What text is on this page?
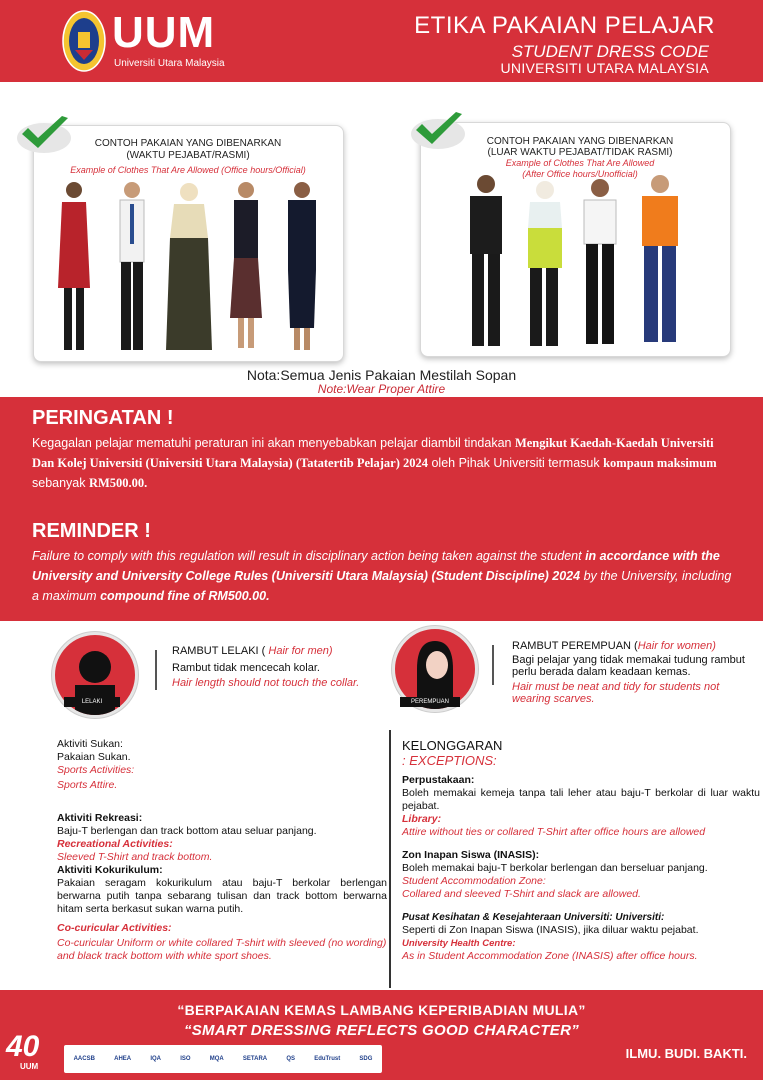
UUM
Universiti Utara Malaysia
ETIKA PAKAIAN PELAJAR
STUDENT DRESS CODE
UNIVERSITI UTARA MALAYSIA
CONTOH PAKAIAN YANG DIBENARKAN
(WAKTU PEJABAT/RASMI)
Example of Clothes That Are Allowed (Office hours/Official)
CONTOH PAKAIAN YANG DIBENARKAN
(LUAR WAKTU PEJABAT/TIDAK RASMI)
Example of Clothes That Are Allowed
(After Office hours/Unofficial)
Nota:Semua Jenis Pakaian Mestilah Sopan
Note:Wear Proper Attire
PERINGATAN !
Kegagalan pelajar mematuhi peraturan ini akan menyebabkan pelajar diambil tindakan Mengikut Kaedah-Kaedah Universiti Dan Kolej Universiti (Universiti Utara Malaysia) (Tatatertib Pelajar) 2024 oleh Pihak Universiti termasuk kompaun maksimum sebanyak RM500.00.
REMINDER !
Failure to comply with this regulation will result in disciplinary action being taken against the student in accordance with the University and University College Rules (Universiti Utara Malaysia) (Student Discipline) 2024 by the University, including a maximum compound fine of RM500.00.
LELAKI
RAMBUT LELAKI ( Hair for men)
Rambut tidak mencecah kolar.
Hair length should not touch the collar.
PEREMPUAN
RAMBUT PEREMPUAN (Hair for women)
Bagi pelajar yang tidak memakai tudung rambut perlu berada dalam keadaan kemas.
Hair must be neat and tidy for students not wearing scarves.
Aktiviti Sukan:
Pakaian Sukan.
Sports Activities:
Sports Attire.
Aktiviti Rekreasi:
Baju-T berlengan dan track bottom atau seluar panjang.
Recreational Activities:
Sleeved T-Shirt and track bottom.
Aktiviti Kokurikulum:
Pakaian seragam kokurikulum atau baju-T berkolar berlengan berwarna putih tanpa sebarang tulisan dan track bottom berwarna hitam serta berkasut sukan warna putih.
Co-curicular Activities:
Co-curicular Uniform or white collared T-shirt with sleeved (no wording) and black track bottom with white sport shoes.
KELONGGARAN
: EXCEPTIONS:
Perpustakaan:
Boleh memakai kemeja tanpa tali leher atau baju-T berkolar di luar waktu pejabat.
Library:
Attire without ties or collared T-Shirt after office hours are allowed
Zon Inapan Siswa (INASIS):
Boleh memakai baju-T berkolar berlengan dan berseluar panjang.
Student Accommodation Zone:
Collared and sleeved T-Shirt and slack are allowed.
Pusat Kesihatan & Kesejahteraan Universiti: Universiti:
Seperti di Zon Inapan Siswa (INASIS), jika diluar waktu pejabat.
University Health Centre:
As in Student Accommodation Zone (INASIS) after office hours.
“BERPAKAIAN KEMAS LAMBANG KEPERIBADIAN MULIA”
“SMART DRESSING REFLECTS GOOD CHARACTER”
40
UUM
AACSB	AHEA	IQA	ISO	MQA	SETARA	QS	EduTrust	SDG	ILMU. BUDI. BAKTI.
